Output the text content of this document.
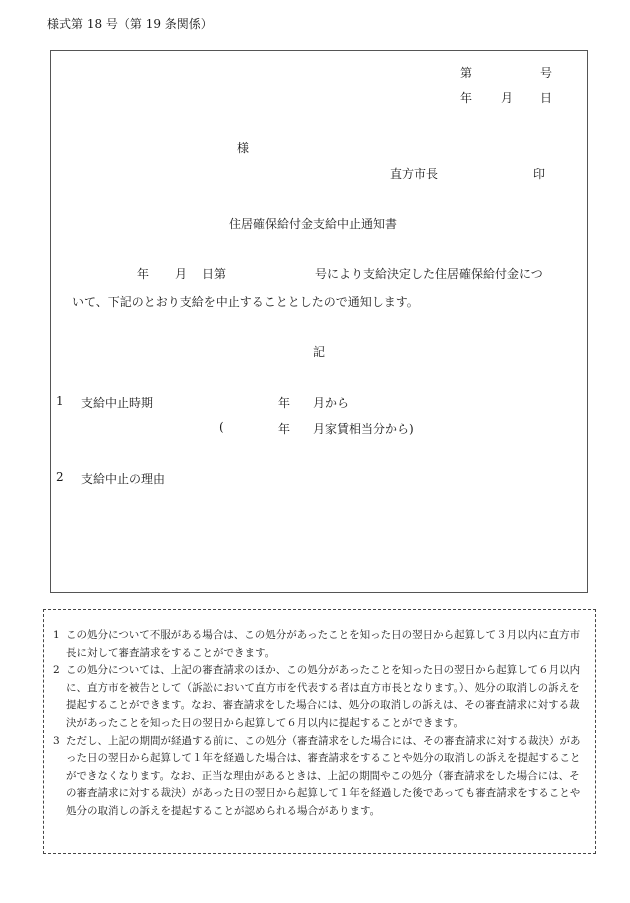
様式第 18 号（第 19 条関係）
第	号
年 月 日
様
直方市長	印
住居確保給付金支給中止通知書
年 月 日第	号により支給決定した住居確保給付金につ
いて、下記のとおり支給を中止することとしたので通知します。
記
1 支給中止時期	年 月から
(	年 月家賃相当分から)
2 支給中止の理由
1 この処分について不服がある場合は、この処分があったことを知った日の翌日から起算して３月以内に直方市長に対して審査請求をすることができます。
2 この処分については、上記の審査請求のほか、この処分があったことを知った日の翌日から起算して６月以内に、直方市を被告として（訴訟において直方市を代表する者は直方市長となります。）、処分の取消しの訴えを提起することができます。なお、審査請求をした場合には、処分の取消しの訴えは、その審査請求に対する裁決があったことを知った日の翌日から起算して６月以内に提起することができます。
3 ただし、上記の期間が経過する前に、この処分（審査請求をした場合には、その審査請求に対する裁決）があった日の翌日から起算して１年を経過した場合は、審査請求をすることや処分の取消しの訴えを提起することができなくなります。なお、正当な理由があるときは、上記の期間やこの処分（審査請求をした場合には、その審査請求に対する裁決）があった日の翌日から起算して１年を経過した後であっても審査請求をすることや処分の取消しの訴えを提起することが認められる場合があります。
